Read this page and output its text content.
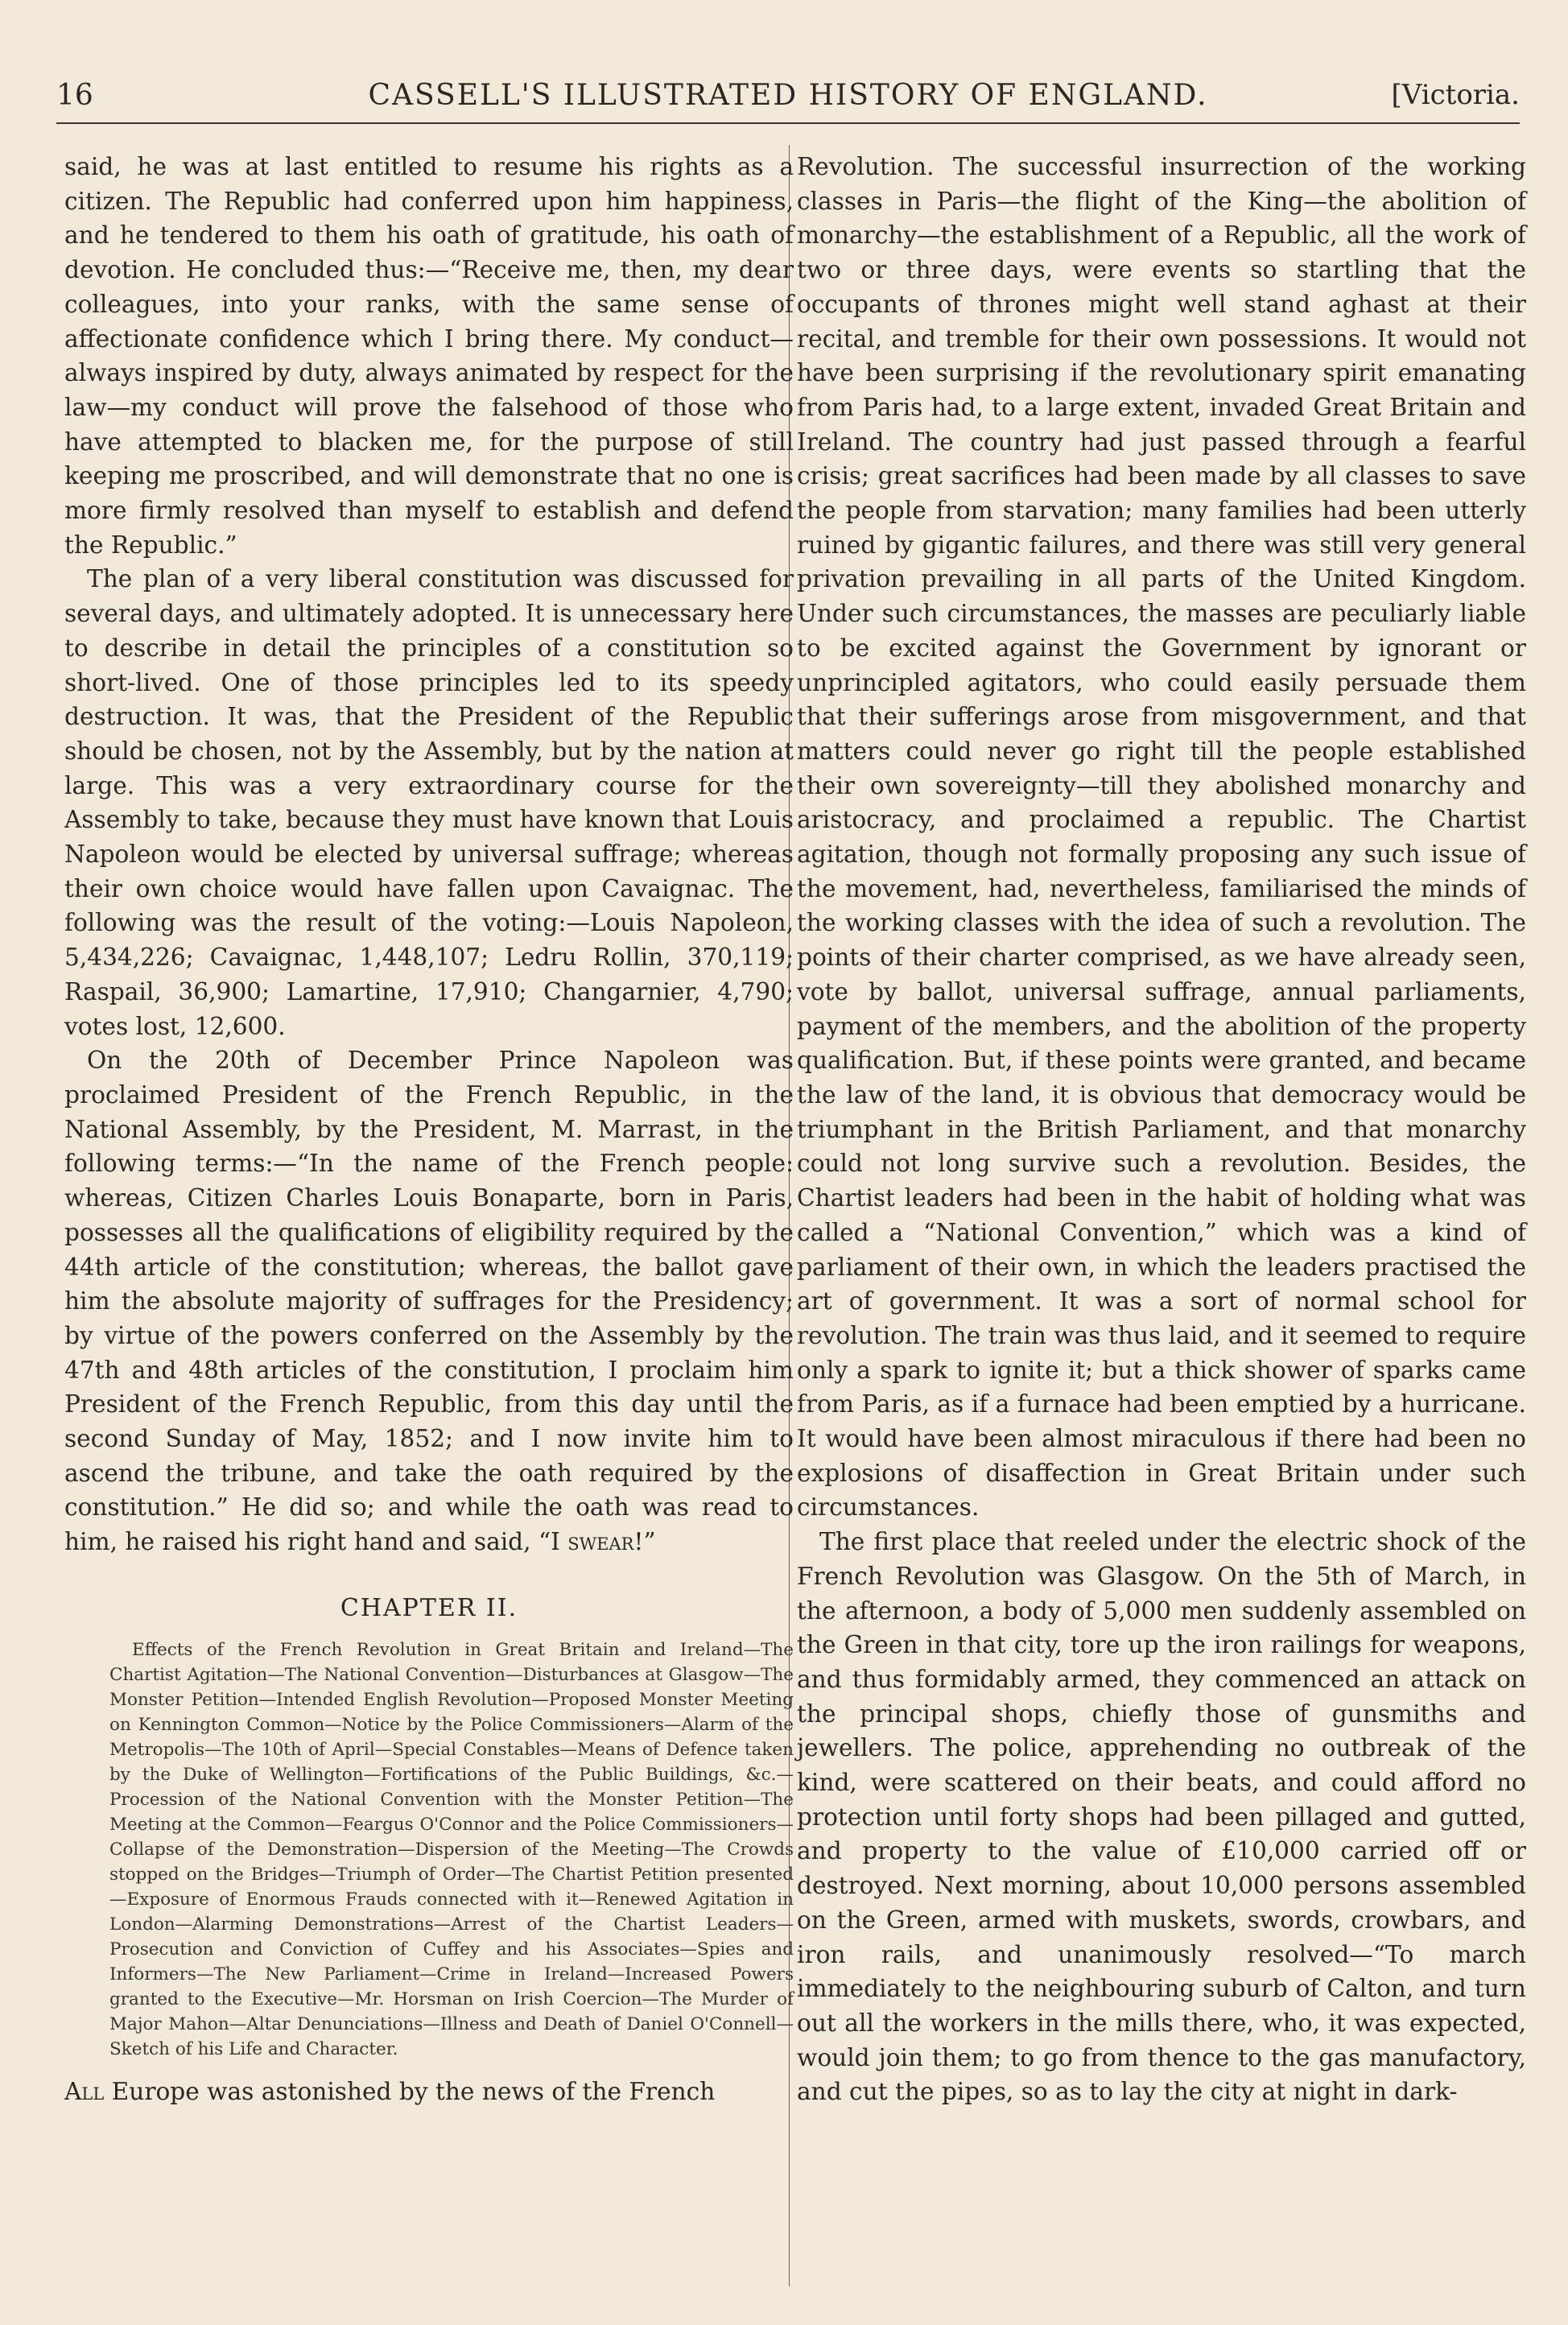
16	CASSELL'S ILLUSTRATED HISTORY OF ENGLAND.	[Victoria.

said, he was at last entitled to resume his rights as a citizen. The Republic had conferred upon him happiness, and he tendered to them his oath of gratitude, his oath of devotion. He concluded thus:—“Receive me, then, my dear colleagues, into your ranks, with the same sense of affectionate confidence which I bring there. My conduct—always inspired by duty, always animated by respect for the law—my conduct will prove the falsehood of those who have attempted to blacken me, for the purpose of still keeping me proscribed, and will demonstrate that no one is more firmly resolved than myself to establish and defend the Republic.”

The plan of a very liberal constitution was discussed for several days, and ultimately adopted. It is unnecessary here to describe in detail the principles of a constitution so short-lived. One of those principles led to its speedy destruction. It was, that the President of the Republic should be chosen, not by the Assembly, but by the nation at large. This was a very extraordinary course for the Assembly to take, because they must have known that Louis Napoleon would be elected by universal suffrage; whereas their own choice would have fallen upon Cavaignac. The following was the result of the voting:—Louis Napoleon, 5,434,226; Cavaignac, 1,448,107; Ledru Rollin, 370,119; Raspail, 36,900; Lamartine, 17,910; Changarnier, 4,790; votes lost, 12,600.

On the 20th of December Prince Napoleon was proclaimed President of the French Republic, in the National Assembly, by the President, M. Marrast, in the following terms:—“In the name of the French people: whereas, Citizen Charles Louis Bonaparte, born in Paris, possesses all the qualifications of eligibility required by the 44th article of the constitution; whereas, the ballot gave him the absolute majority of suffrages for the Presidency; by virtue of the powers conferred on the Assembly by the 47th and 48th articles of the constitution, I proclaim him President of the French Republic, from this day until the second Sunday of May, 1852; and I now invite him to ascend the tribune, and take the oath required by the constitution.” He did so; and while the oath was read to him, he raised his right hand and said, “I swear!”

CHAPTER II.

Effects of the French Revolution in Great Britain and Ireland—The Chartist Agitation—The National Convention—Disturbances at Glasgow—The Monster Petition—Intended English Revolution—Proposed Monster Meeting on Kennington Common—Notice by the Police Commissioners—Alarm of the Metropolis—The 10th of April—Special Constables—Means of Defence taken by the Duke of Wellington—Fortifications of the Public Buildings, &c.—Procession of the National Convention with the Monster Petition—The Meeting at the Common—Feargus O'Connor and the Police Commissioners—Collapse of the Demonstration—Dispersion of the Meeting—The Crowds stopped on the Bridges—Triumph of Order—The Chartist Petition presented—Exposure of Enormous Frauds connected with it—Renewed Agitation in London—Alarming Demonstrations—Arrest of the Chartist Leaders—Prosecution and Conviction of Cuffey and his Associates—Spies and Informers—The New Parliament—Crime in Ireland—Increased Powers granted to the Executive—Mr. Horsman on Irish Coercion—The Murder of Major Mahon—Altar Denunciations—Illness and Death of Daniel O'Connell—Sketch of his Life and Character.

All Europe was astonished by the news of the French

Revolution. The successful insurrection of the working classes in Paris—the flight of the King—the abolition of monarchy—the establishment of a Republic, all the work of two or three days, were events so startling that the occupants of thrones might well stand aghast at their recital, and tremble for their own possessions. It would not have been surprising if the revolutionary spirit emanating from Paris had, to a large extent, invaded Great Britain and Ireland. The country had just passed through a fearful crisis; great sacrifices had been made by all classes to save the people from starvation; many families had been utterly ruined by gigantic failures, and there was still very general privation prevailing in all parts of the United Kingdom. Under such circumstances, the masses are peculiarly liable to be excited against the Government by ignorant or unprincipled agitators, who could easily persuade them that their sufferings arose from misgovernment, and that matters could never go right till the people established their own sovereignty—till they abolished monarchy and aristocracy, and proclaimed a republic. The Chartist agitation, though not formally proposing any such issue of the movement, had, nevertheless, familiarised the minds of the working classes with the idea of such a revolution. The points of their charter comprised, as we have already seen, vote by ballot, universal suffrage, annual parliaments, payment of the members, and the abolition of the property qualification. But, if these points were granted, and became the law of the land, it is obvious that democracy would be triumphant in the British Parliament, and that monarchy could not long survive such a revolution. Besides, the Chartist leaders had been in the habit of holding what was called a “National Convention,” which was a kind of parliament of their own, in which the leaders practised the art of government. It was a sort of normal school for revolution. The train was thus laid, and it seemed to require only a spark to ignite it; but a thick shower of sparks came from Paris, as if a furnace had been emptied by a hurricane. It would have been almost miraculous if there had been no explosions of disaffection in Great Britain under such circumstances.

The first place that reeled under the electric shock of the French Revolution was Glasgow. On the 5th of March, in the afternoon, a body of 5,000 men suddenly assembled on the Green in that city, tore up the iron railings for weapons, and thus formidably armed, they commenced an attack on the principal shops, chiefly those of gunsmiths and jewellers. The police, apprehending no outbreak of the kind, were scattered on their beats, and could afford no protection until forty shops had been pillaged and gutted, and property to the value of £10,000 carried off or destroyed. Next morning, about 10,000 persons assembled on the Green, armed with muskets, swords, crowbars, and iron rails, and unanimously resolved—“To march immediately to the neighbouring suburb of Calton, and turn out all the workers in the mills there, who, it was expected, would join them; to go from thence to the gas manufactory, and cut the pipes, so as to lay the city at night in dark-
